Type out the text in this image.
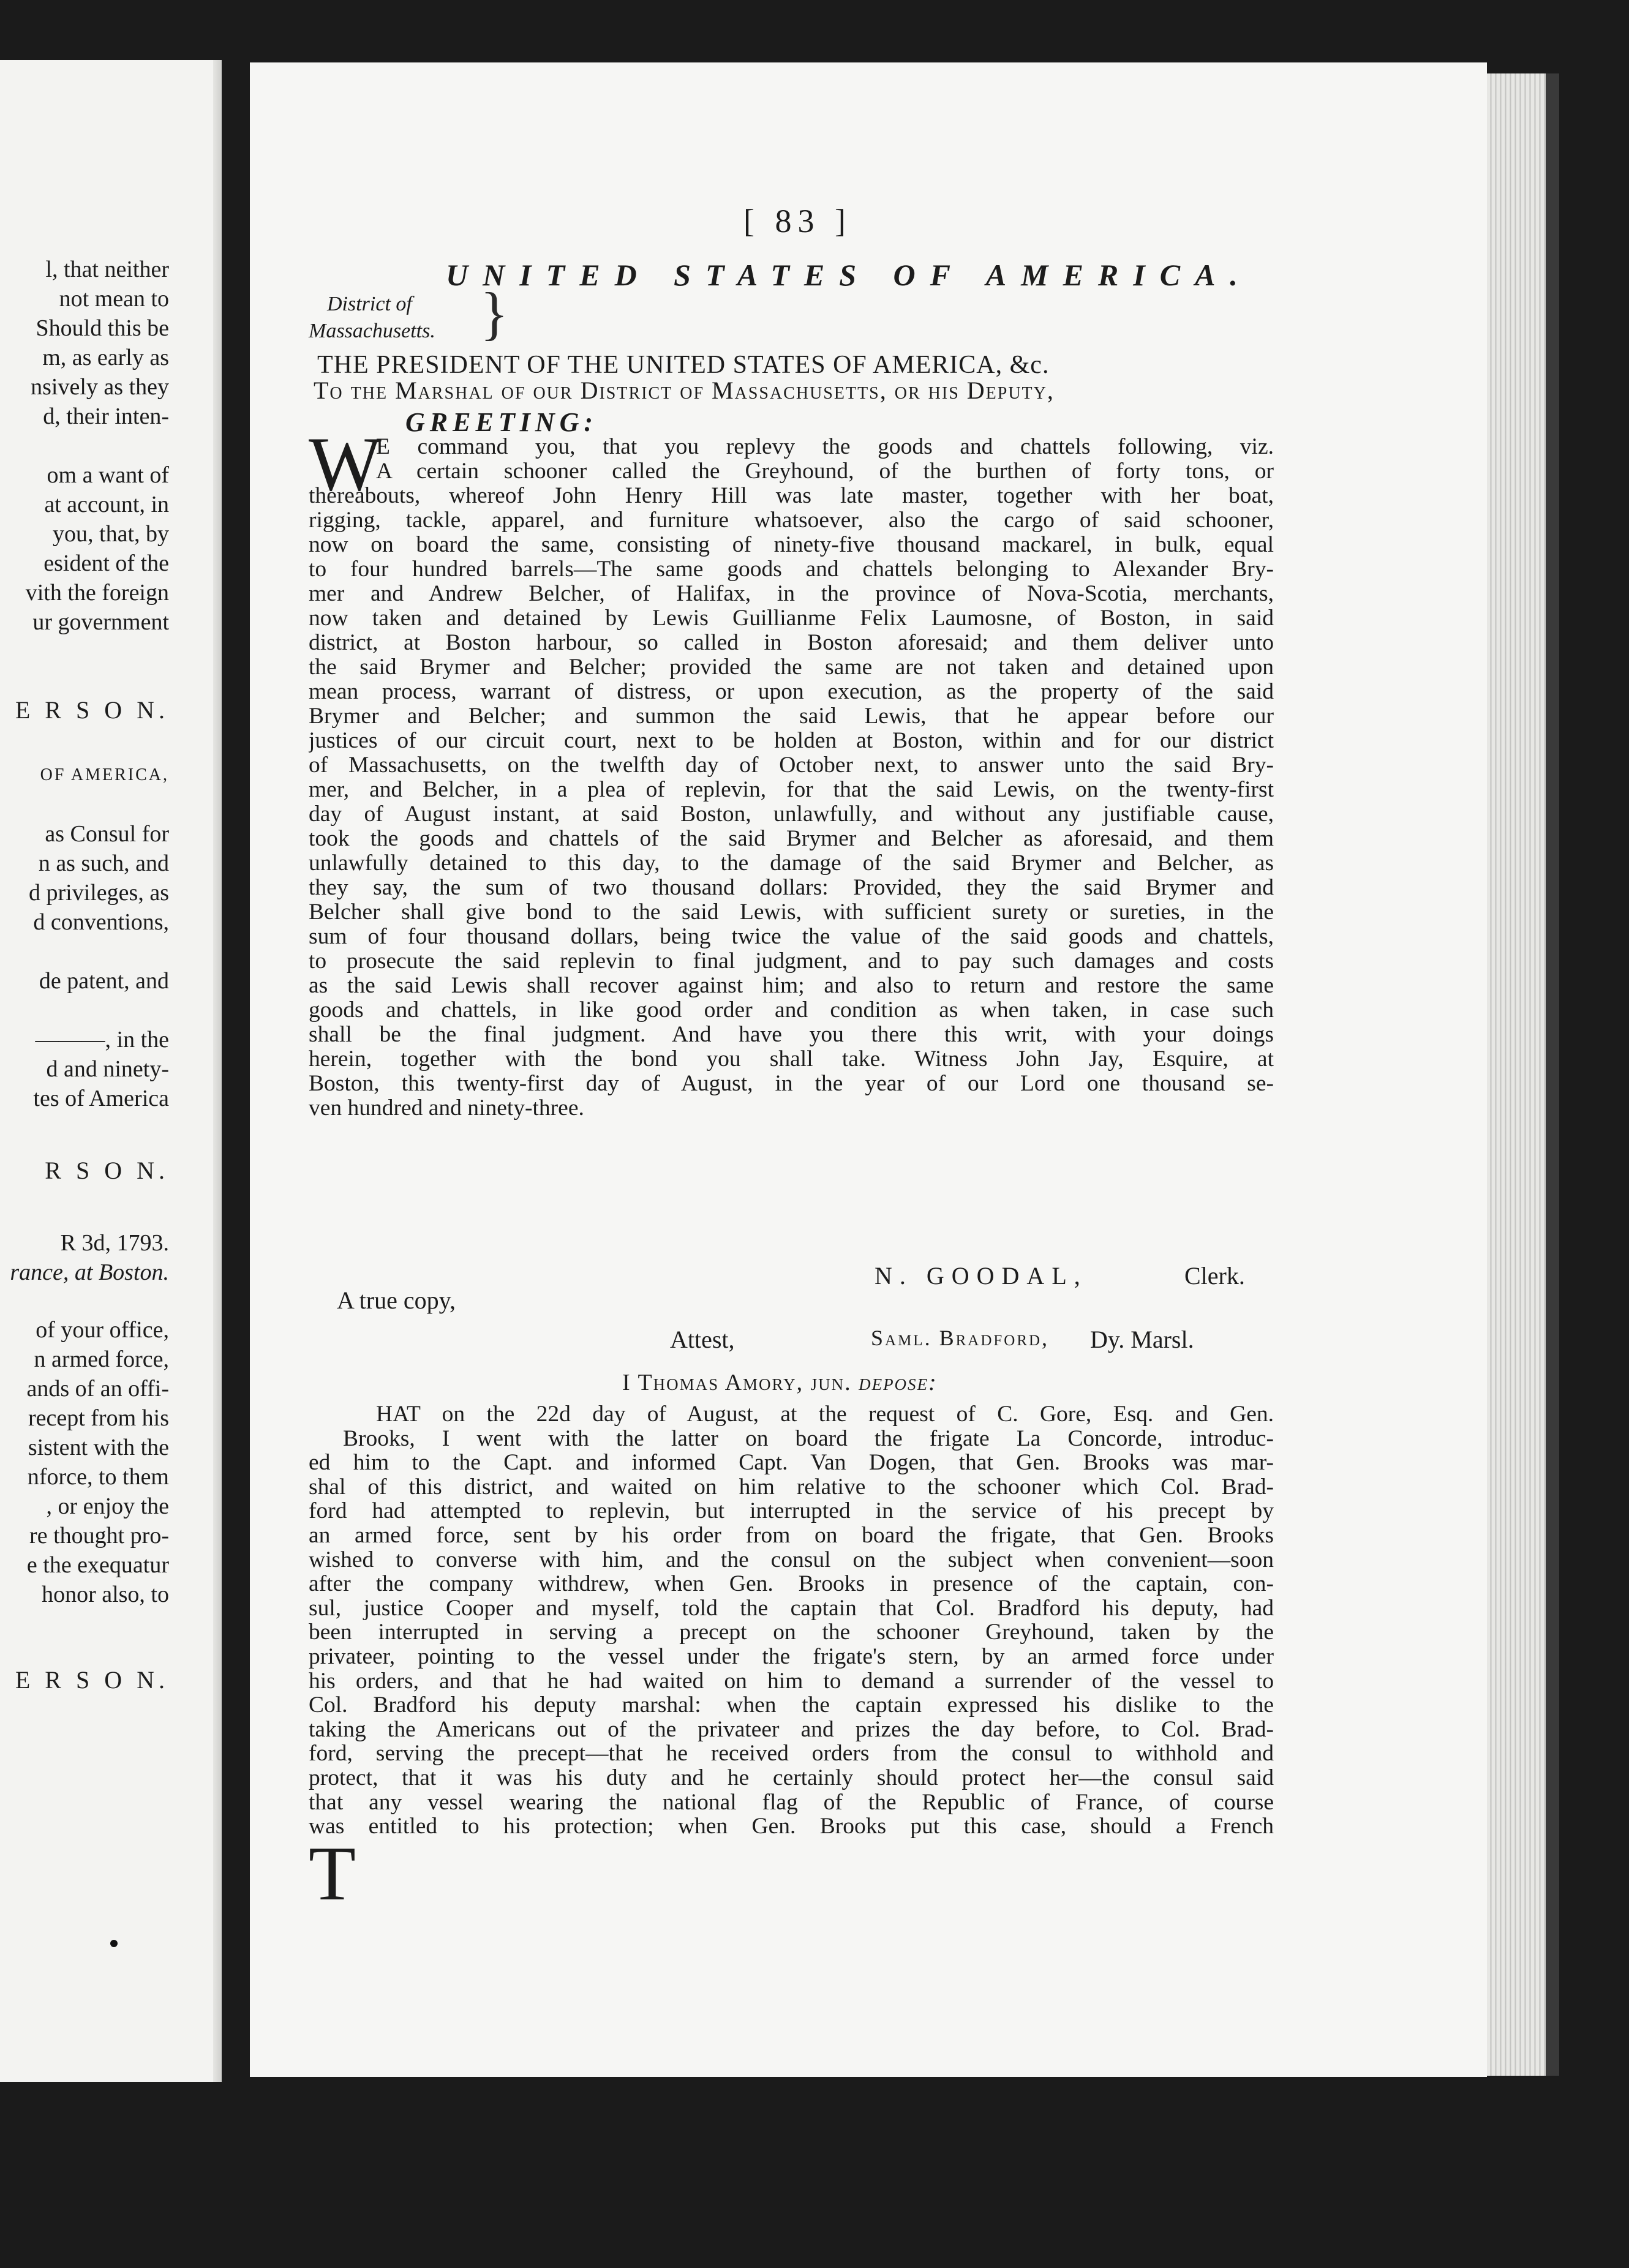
l, that neither
not mean to
Should this be
m, as early as
nsively as they
d, their inten-
om a want of
at account, in
you, that, by
esident of the
vith the foreign
ur government
E R S O N.
OF AMERICA,
as Consul for
n as such, and
d privileges, as
d conventions,
de patent, and
———, in the
d and ninety-
tes of America
R S O N.
R 3d, 1793.
rance, at Boston.
of your office,
n armed force,
ands of an offi-
recept from his
sistent with the
nforce, to them
, or enjoy the
re thought pro-
e the exequatur
honor also, to
E R S O N.
[ 83 ]
UNITED STATES OF AMERICA.
District of
Massachusetts. }
THE PRESIDENT OF THE UNITED STATES OF AMERICA, &c.
To the Marshal of our District of Massachusetts, or his Deputy,
GREETING:
W
E command you, that you replevy the goods and chattels following, viz.
A certain schooner called the Greyhound, of the burthen of forty tons, or
thereabouts, whereof John Henry Hill was late master, together with her boat,
rigging, tackle, apparel, and furniture whatsoever, also the cargo of said schooner,
now on board the same, consisting of ninety-five thousand mackarel, in bulk, equal
to four hundred barrels—The same goods and chattels belonging to Alexander Bry-
mer and Andrew Belcher, of Halifax, in the province of Nova-Scotia, merchants,
now taken and detained by Lewis Guillianme Felix Laumosne, of Boston, in said
district, at Boston harbour, so called in Boston aforesaid; and them deliver unto
the said Brymer and Belcher; provided the same are not taken and detained upon
mean process, warrant of distress, or upon execution, as the property of the said
Brymer and Belcher; and summon the said Lewis, that he appear before our
justices of our circuit court, next to be holden at Boston, within and for our district
of Massachusetts, on the twelfth day of October next, to answer unto the said Bry-
mer, and Belcher, in a plea of replevin, for that the said Lewis, on the twenty-first
day of August instant, at said Boston, unlawfully, and without any justifiable cause,
took the goods and chattels of the said Brymer and Belcher as aforesaid, and them
unlawfully detained to this day, to the damage of the said Brymer and Belcher, as
they say, the sum of two thousand dollars: Provided, they the said Brymer and
Belcher shall give bond to the said Lewis, with sufficient surety or sureties, in the
sum of four thousand dollars, being twice the value of the said goods and chattels,
to prosecute the said replevin to final judgment, and to pay such damages and costs
as the said Lewis shall recover against him; and also to return and restore the same
goods and chattels, in like good order and condition as when taken, in case such
shall be the final judgment. And have you there this writ, with your doings
herein, together with the bond you shall take. Witness John Jay, Esquire, at
Boston, this twenty-first day of August, in the year of our Lord one thousand se-
ven hundred and ninety-three.
N. GOODAL,	Clerk.
A true copy,
Attest,	Saml. Bradford, Dy. Marsl.
I Thomas Amory, jun. depose:
T
HAT on the 22d day of August, at the request of C. Gore, Esq. and Gen.
Brooks, I went with the latter on board the frigate La Concorde, introduc-
ed him to the Capt. and informed Capt. Van Dogen, that Gen. Brooks was mar-
shal of this district, and waited on him relative to the schooner which Col. Brad-
ford had attempted to replevin, but interrupted in the service of his precept by
an armed force, sent by his order from on board the frigate, that Gen. Brooks
wished to converse with him, and the consul on the subject when convenient—soon
after the company withdrew, when Gen. Brooks in presence of the captain, con-
sul, justice Cooper and myself, told the captain that Col. Bradford his deputy, had
been interrupted in serving a precept on the schooner Greyhound, taken by the
privateer, pointing to the vessel under the frigate's stern, by an armed force under
his orders, and that he had waited on him to demand a surrender of the vessel to
Col. Bradford his deputy marshal: when the captain expressed his dislike to the
taking the Americans out of the privateer and prizes the day before, to Col. Brad-
ford, serving the precept—that he received orders from the consul to withhold and
protect, that it was his duty and he certainly should protect her—the consul said
that any vessel wearing the national flag of the Republic of France, of course
was entitled to his protection; when Gen. Brooks put this case, should a French
